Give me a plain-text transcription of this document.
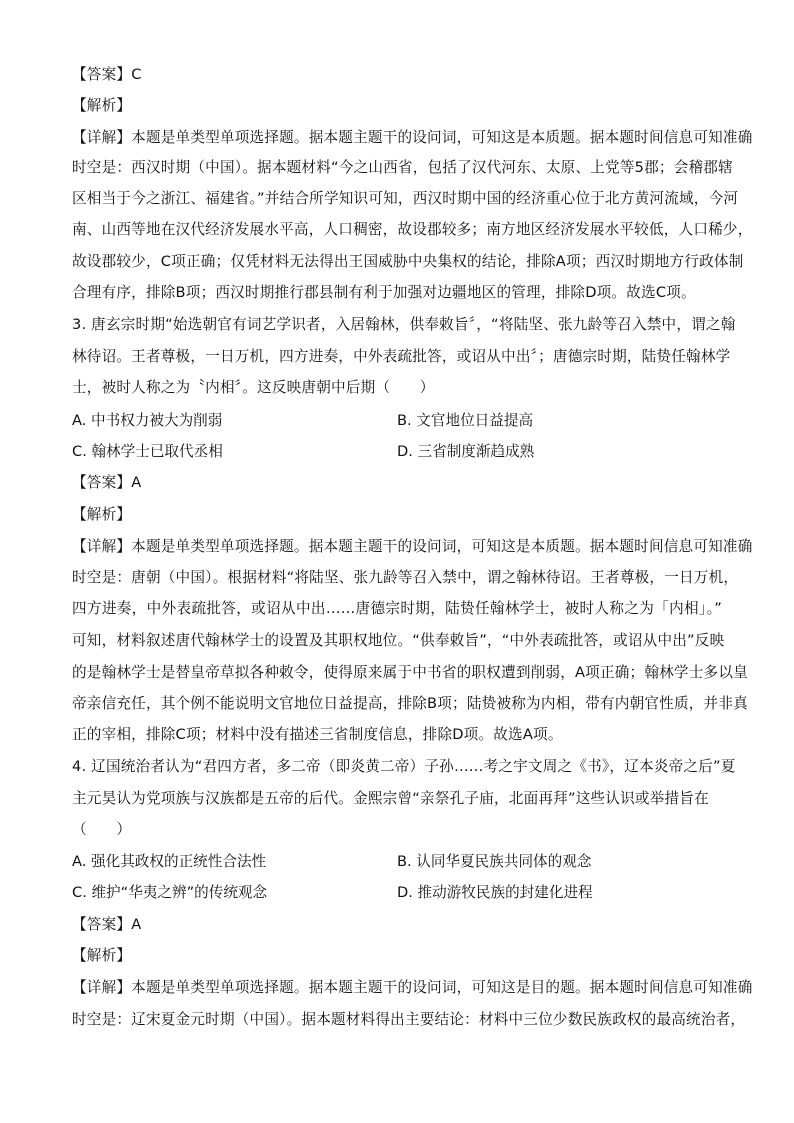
【答案】C
【解析】
【详解】本题是单类型单项选择题。据本题主题干的设问词，可知这是本质题。据本题时间信息可知准确
时空是：西汉时期（中国）。据本题材料“今之山西省，包括了汉代河东、太原、上党等5郡；会稽郡辖
区相当于今之浙江、福建省。”并结合所学知识可知，西汉时期中国的经济重心位于北方黄河流域，今河
南、山西等地在汉代经济发展水平高，人口稠密，故设郡较多；南方地区经济发展水平较低，人口稀少，
故设郡较少，C项正确；仅凭材料无法得出王国威胁中央集权的结论，排除A项；西汉时期地方行政体制
合理有序，排除B项；西汉时期推行郡县制有利于加强对边疆地区的管理，排除D项。故选C项。
3. 唐玄宗时期“始选朝官有词艺学识者，入居翰林，供奉敕旨〞，“将陆坚、张九龄等召入禁中，谓之翰
林待诏。王者尊极，一日万机，四方进奏，中外表疏批答，或诏从中出〞；唐德宗时期，陆贽任翰林学
士，被时人称之为〝内相〞。这反映唐朝中后期（　　）
A. 中书权力被大为削弱	B. 文官地位日益提高
C. 翰林学士已取代丞相	D. 三省制度渐趋成熟
【答案】A
【解析】
【详解】本题是单类型单项选择题。据本题主题干的设问词，可知这是本质题。据本题时间信息可知准确
时空是：唐朝（中国）。根据材料“将陆坚、张九龄等召入禁中，谓之翰林待诏。王者尊极，一日万机，
四方进奏，中外表疏批答，或诏从中出……唐德宗时期，陆贽任翰林学士，被时人称之为「内相」。”
可知，材料叙述唐代翰林学士的设置及其职权地位。“供奉敕旨”，“中外表疏批答，或诏从中出”反映
的是翰林学士是替皇帝草拟各种敕令，使得原来属于中书省的职权遭到削弱，A项正确；翰林学士多以皇
帝亲信充任，其个例不能说明文官地位日益提高，排除B项；陆贽被称为内相，带有内朝官性质，并非真
正的宰相，排除C项；材料中没有描述三省制度信息，排除D项。故选A项。
4. 辽国统治者认为“君四方者，多二帝（即炎黄二帝）子孙……考之宇文周之《书》，辽本炎帝之后”夏
主元昊认为党项族与汉族都是五帝的后代。金熙宗曾“亲祭孔子庙，北面再拜”这些认识或举措旨在
（　　）
A. 强化其政权的正统性合法性	B. 认同华夏民族共同体的观念
C. 维护“华夷之辨”的传统观念	D. 推动游牧民族的封建化进程
【答案】A
【解析】
【详解】本题是单类型单项选择题。据本题主题干的设问词，可知这是目的题。据本题时间信息可知准确
时空是：辽宋夏金元时期（中国）。据本题材料得出主要结论：材料中三位少数民族政权的最高统治者，
